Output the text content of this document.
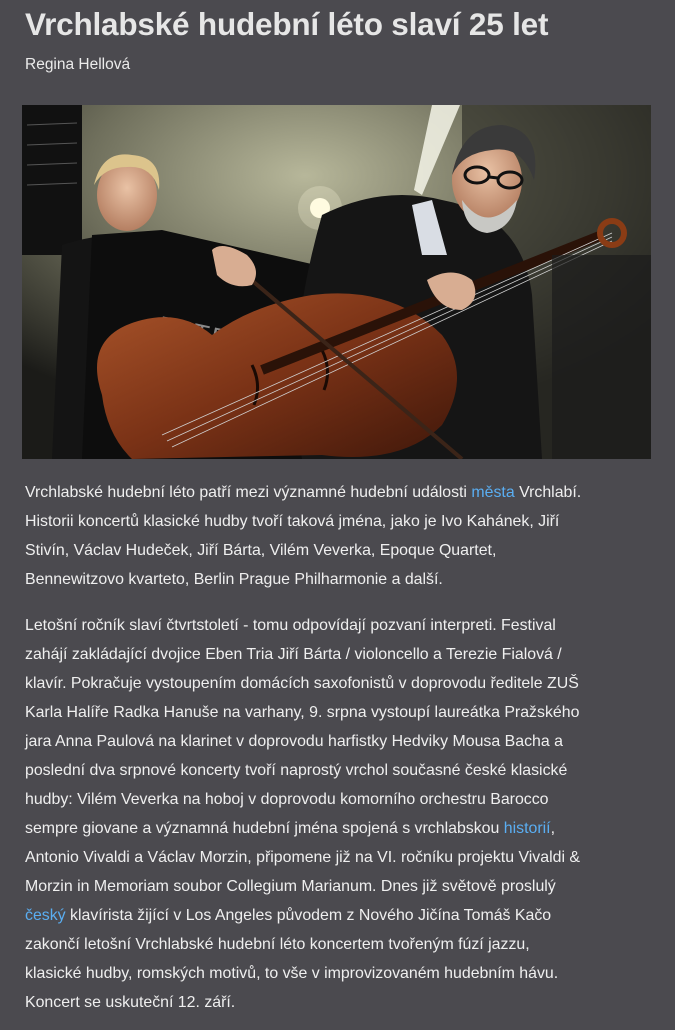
Vrchlabské hudební léto slaví 25 let
Regina Hellová

Vrchlabské hudební léto patří mezi významné hudební události města Vrchlabí.
Historii koncertů klasické hudby tvoří taková jména, jako je Ivo Kahánek, Jiří
Stivín, Václav Hudeček, Jiří Bárta, Vilém Veverka, Epoque Quartet,
Bennewitzovo kvarteto, Berlin Prague Philharmonie a další.

Letošní ročník slaví čtvrtstoletí - tomu odpovídají pozvaní interpreti. Festival
zahájí zakládající dvojice Eben Tria Jiří Bárta / violoncello a Terezie Fialová /
klavír. Pokračuje vystoupením domácích saxofonistů v doprovodu ředitele ZUŠ
Karla Halíře Radka Hanuše na varhany, 9. srpna vystoupí laureátka Pražského
jara Anna Paulová na klarinet v doprovodu harfistky Hedviky Mousa Bacha a
poslední dva srpnové koncerty tvoří naprostý vrchol současné české klasické
hudby: Vilém Veverka na hoboj v doprovodu komorního orchestru Barocco
sempre giovane a významná hudební jména spojená s vrchlabskou historií,
Antonio Vivaldi a Václav Morzin, připomene již na VI. ročníku projektu Vivaldi &
Morzin in Memoriam soubor Collegium Marianum. Dnes již světově proslulý
český klavírista žijící v Los Angeles původem z Nového Jičína Tomáš Kačo
zakončí letošní Vrchlabské hudební léto koncertem tvořeným fúzí jazzu,
klasické hudby, romských motivů, to vše v improvizovaném hudebním hávu.
Koncert se uskuteční 12. září.
